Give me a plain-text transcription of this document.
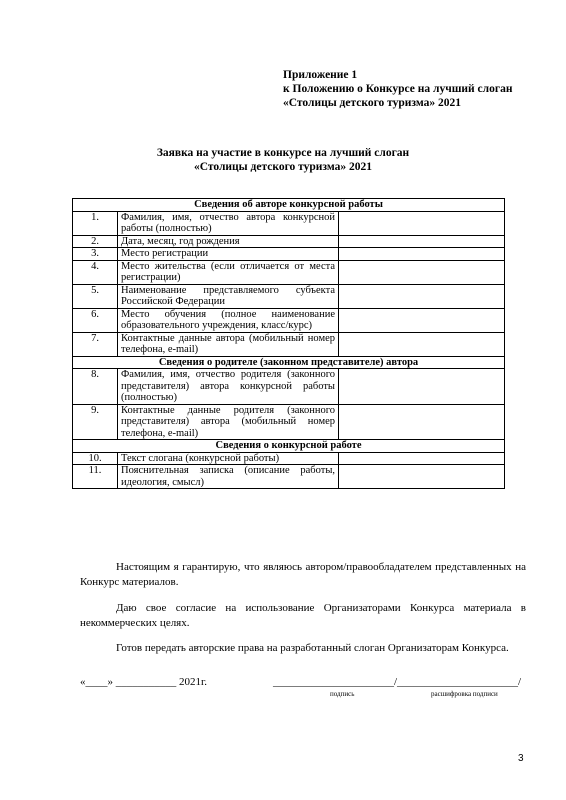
Приложение 1
к Положению о Конкурсе на лучший слоган
«Столицы детского туризма» 2021
Заявка на участие в конкурсе на лучший слоган
«Столицы детского туризма» 2021
Сведения об авторе конкурсной работы		
1.	Фамилия, имя, отчество автора конкурсной работы (полностью)	
2.	Дата, месяц, год рождения	
3.	Место регистрации	
4.	Место жительства (если отличается от места регистрации)	
5.	Наименование представляемого субъекта Российской Федерации	
6.	Место обучения (полное наименование образовательного учреждения, класс/курс)	
7.	Контактные данные автора (мобильный номер телефона, e-mail)	
Сведения о родителе (законном представителе) автора		
8.	Фамилия, имя, отчество родителя (законного представителя) автора конкурсной работы (полностью)	
9.	Контактные данные родителя (законного представителя) автора (мобильный номер телефона, e-mail)	
Сведения о конкурсной работе		
10.	Текст слогана (конкурсной работы)	
11.	Пояснительная записка (описание работы, идеология, смысл)	
Настоящим я гарантирую, что являюсь автором/правообладателем представленных на Конкурс материалов.
Даю свое согласие на использование Организаторами Конкурса материала в некоммерческих целях.
Готов передать авторские права на разработанный слоган Организаторам Конкурса.
«____» ___________ 2021г.	______________________/______________________/
подпись	расшифровка подписи
3
